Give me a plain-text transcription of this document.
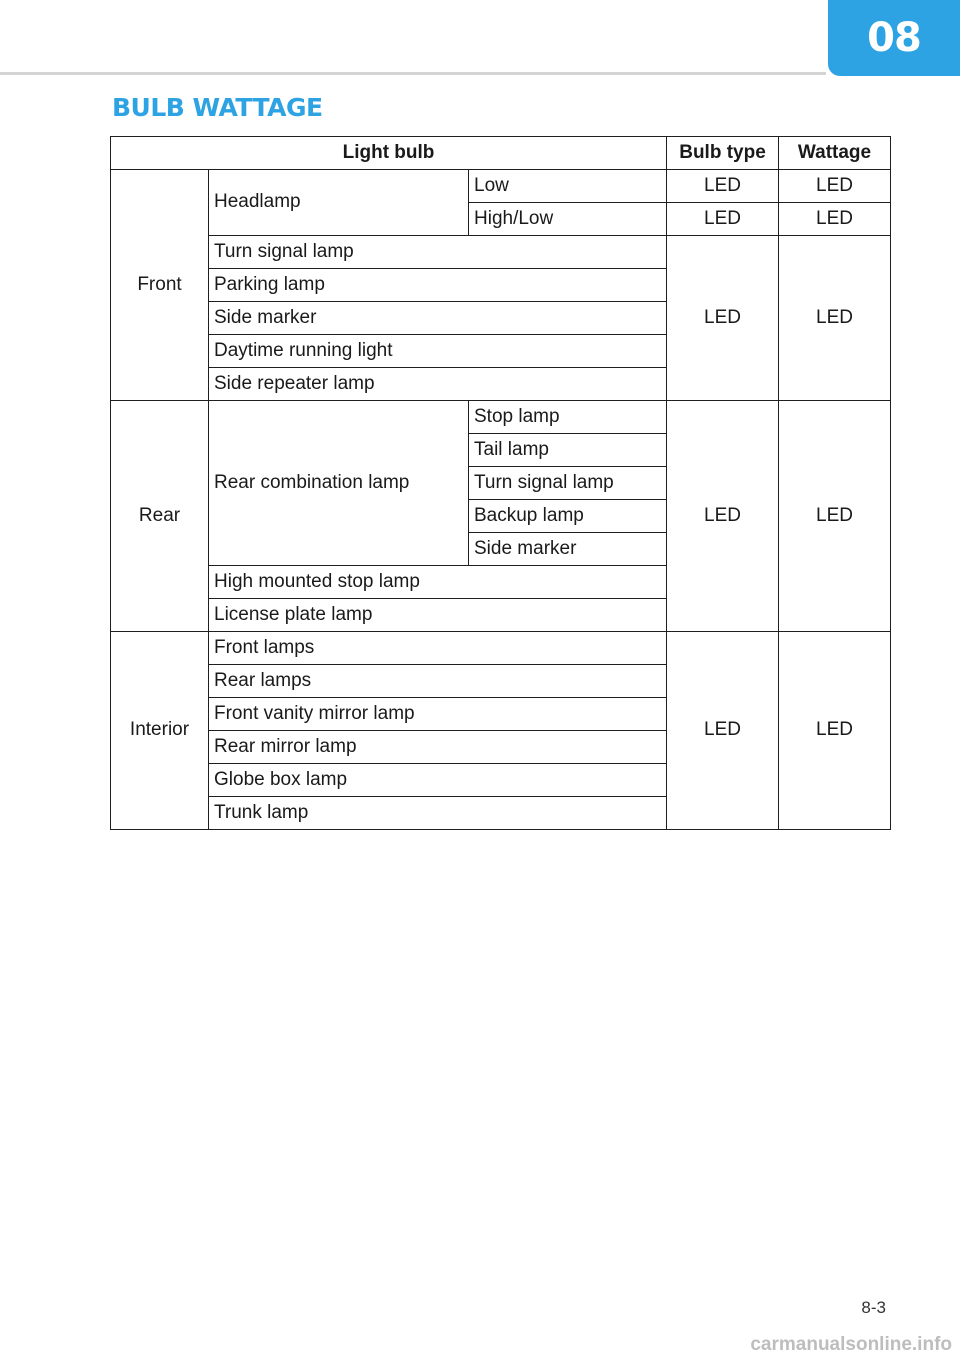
08
BULB WATTAGE
Light bulb			Bulb type	Wattage
Front	Headlamp	Low	LED	LED
		High/Low	LED	LED
	Turn signal lamp		LED	LED
	Parking lamp			
	Side marker			
	Daytime running light			
	Side repeater lamp			
Rear	Rear combination lamp	Stop lamp	LED	LED
		Tail lamp		
		Turn signal lamp		
		Backup lamp		
		Side marker		
	High mounted stop lamp			
	License plate lamp			
Interior	Front lamps		LED	LED
	Rear lamps			
	Front vanity mirror lamp			
	Rear mirror lamp			
	Globe box lamp			
	Trunk lamp			
8-3
carmanualsonline.info
